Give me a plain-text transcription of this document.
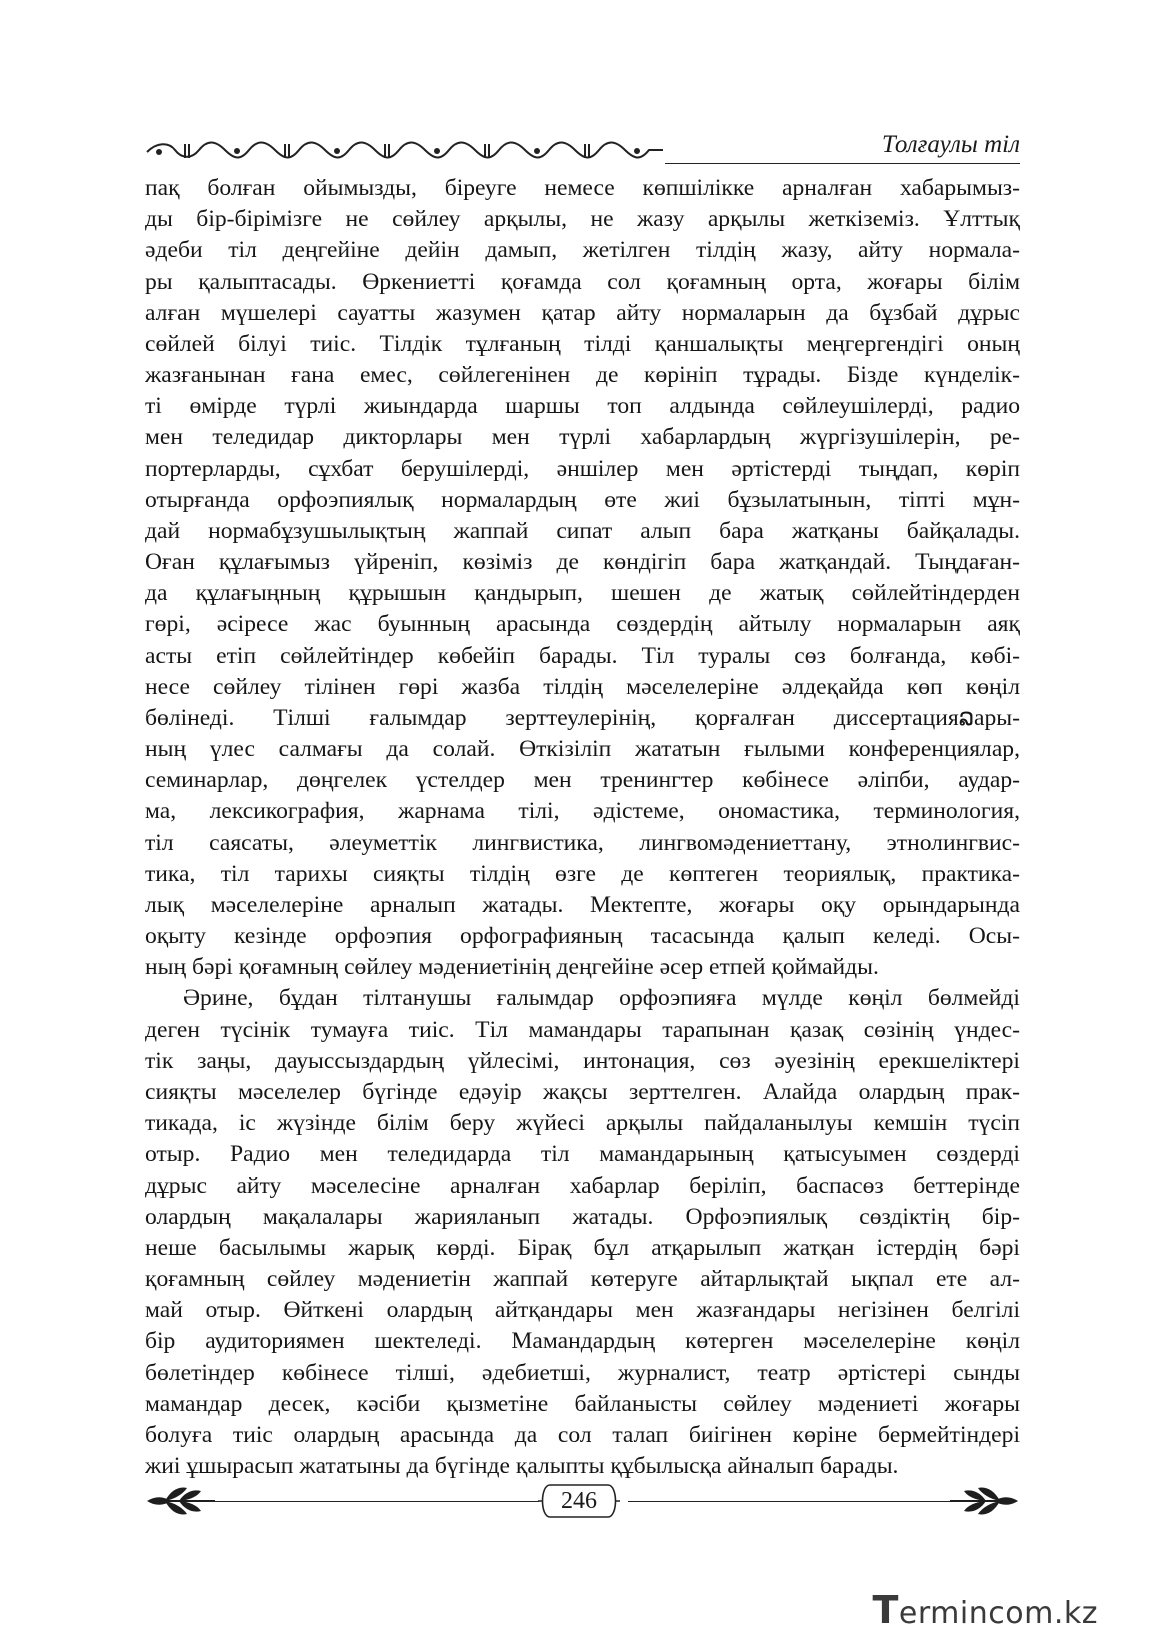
Толғаулы тіл
пақ болған ойымызды, біреуге немесе көпшілікке арналған хабарымыз-
ды бір-бірімізге не сөйлеу арқылы, не жазу арқылы жеткіземіз. Ұлттық
әдеби тіл деңгейіне дейін дамып, жетілген тілдің жазу, айту нормала-
ры қалыптасады. Өркениетті қоғамда сол қоғамның орта, жоғары білім
алған мүшелері сауатты жазумен қатар айту нормаларын да бұзбай дұрыс
сөйлей білуі тиіс. Тілдік тұлғаның тілді қаншалықты меңгергендігі оның
жазғанынан ғана емес, сөйлегенінен де көрініп тұрады. Бізде күнделік-
ті өмірде түрлі жиындарда шаршы топ алдында сөйлеушілерді, радио
мен теледидар дикторлары мен түрлі хабарлардың жүргізушілерін, ре-
портерларды, сұхбат берушілерді, әншілер мен әртістерді тыңдап, көріп
отырғанда орфоэпиялық нормалардың өте жиі бұзылатынын, тіпті мұн-
дай нормабұзушылықтың жаппай сипат алып бара жатқаны байқалады.
Оған құлағымыз үйреніп, көзіміз де көндігіп бара жатқандай. Тыңдаған-
да құлағыңның құрышын қандырып, шешен де жатық сөйлейтіндерден
гөрі, әсіресе жас буынның арасында сөздердің айтылу нормаларын аяқ
асты етіп сөйлейтіндер көбейіп барады. Тіл туралы сөз болғанда, көбі-
несе сөйлеу тілінен гөрі жазба тілдің мәселелеріне әлдеқайда көп көңіл
бөлінеді. Тілші ғалымдар зерттеулерінің, қорғалған диссертацияລары-
ның үлес салмағы да солай. Өткізіліп жататын ғылыми конференциялар,
семинарлар, дөңгелек үстелдер мен тренингтер көбінесе әліпби, аудар-
ма, лексикография, жарнама тілі, әдістеме, ономастика, терминология,
тіл саясаты, әлеуметтік лингвистика, лингвомәдениеттану, этнолингвис-
тика, тіл тарихы сияқты тілдің өзге де көптеген теориялық, практика-
лық мәселелеріне арналып жатады. Мектепте, жоғары оқу орындарында
оқыту кезінде орфоэпия орфографияның тасасында қалып келеді. Осы-
ның бәрі қоғамның сөйлеу мәдениетінің деңгейіне әсер етпей қоймайды.
Әрине, бұдан тілтанушы ғалымдар орфоэпияға мүлде көңіл бөлмейді
деген түсінік тумауға тиіс. Тіл мамандары тарапынан қазақ сөзінің үндес-
тік заңы, дауыссыздардың үйлесімі, интонация, сөз әуезінің ерекшеліктері
сияқты мәселелер бүгінде едәуір жақсы зерттелген. Алайда олардың прак-
тикада, іс жүзінде білім беру жүйесі арқылы пайдаланылуы кемшін түсіп
отыр. Радио мен теледидарда тіл мамандарының қатысуымен сөздерді
дұрыс айту мәселесіне арналған хабарлар беріліп, баспасөз беттерінде
олардың мақалалары жарияланып жатады. Орфоэпиялық сөздіктің бір-
неше басылымы жарық көрді. Бірақ бұл атқарылып жатқан істердің бәрі
қоғамның сөйлеу мәдениетін жаппай көтеруге айтарлықтай ықпал ете ал-
май отыр. Өйткені олардың айтқандары мен жазғандары негізінен белгілі
бір аудиториямен шектеледі. Мамандардың көтерген мәселелеріне көңіл
бөлетіндер көбінесе тілші, әдебиетші, журналист, театр әртістері сынды
мамандар десек, кәсіби қызметіне байланысты сөйлеу мәдениеті жоғары
болуға тиіс олардың арасында да сол талап биігінен көріне бермейтіндері
жиі ұшырасып жататыны да бүгінде қалыпты құбылысқа айналып барады.
246
Termincom.kz
